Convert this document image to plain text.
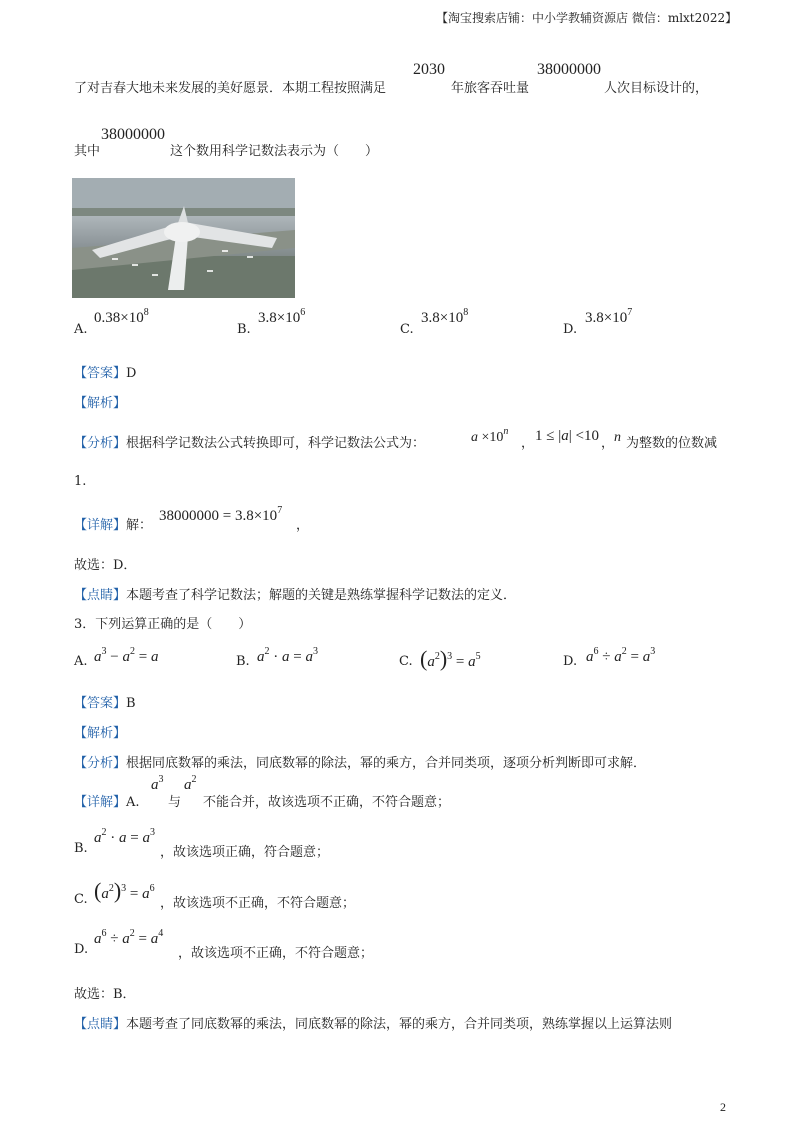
【淘宝搜索店铺：中小学教辅资源店 微信：mlxt2022】
了对吉春大地未来发展的美好愿景．本期工程按照满足
2030
年旅客吞吐量
38000000
人次目标设计的，
其中
38000000
这个数用科学记数法表示为（　　）
A.
$0.38\times 10^8$
B.
$3.8\times 10^6$
C.
$3.8\times 10^8$
D.
$3.8\times 10^7$
【答案】D
【解析】
【分析】根据科学记数法公式转换即可，科学记数法公式为：	$a \times 10^n$
， 1 ≤ |a| <10 ， n 为整数的位数减
1.
【详解】解：
$38000000 = 3.8\times 10^7$
，
故选：D．
【点睛】本题考查了科学记数法；解题的关键是熟练掌握科学记数法的定义．
3．下列运算正确的是（　　）
A. $a^3 - a^2 = a$	B. $a^2 \cdot a = a^3$
C. $(a^2)^3 = a^5$	D. $a^6 \div a^2 = a^3$
【答案】B
【解析】
【分析】根据同底数幂的乘法，同底数幂的除法，幂的乘方，合并同类项，逐项分析判断即可求解．
【详解】A.
$a^3$
与
$a^2$
不能合并，故该选项不正确，不符合题意；
B.
$a^2 \cdot a = a^3$
，故该选项正确，符合题意；
C. $(a^2)^3 = a^6$
，故该选项不正确，不符合题意；
D.
$a^6 \div a^2 = a^4$
，故该选项不正确，不符合题意；
故选：B．
【点睛】本题考查了同底数幂的乘法，同底数幂的除法，幂的乘方，合并同类项，熟练掌握以上运算法则
2
